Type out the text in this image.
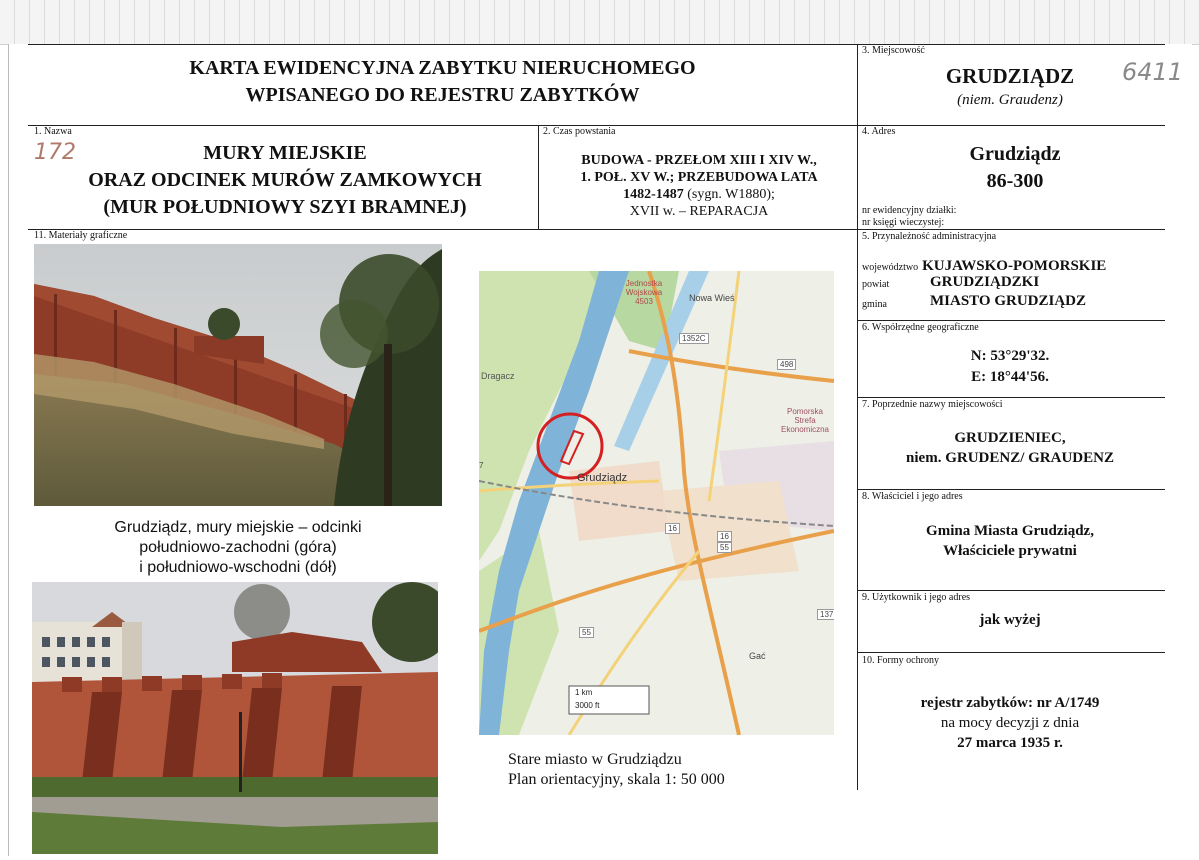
KARTA EWIDENCYJNA ZABYTKU NIERUCHOMEGO
WPISANEGO DO REJESTRU ZABYTKÓW
3. Miejscowość
GRUDZIĄDZ
(niem. Graudenz)
6411
1. Nazwa
172	MURY MIEJSKIE
ORAZ ODCINEK MURÓW ZAMKOWYCH
(MUR POŁUDNIOWY SZYI BRAMNEJ)
2. Czas powstania
BUDOWA - PRZEŁOM XIII I XIV W.,
1. POŁ. XV W.; PRZEBUDOWA LATA
1482-1487 (sygn. W1880);
XVII w. – REPARACJA
4. Adres
Grudziądz
86-300
nr ewidencyjny działki:
nr księgi wieczystej:
11. Materiały graficzne
Grudziądz, mury miejskie – odcinki
południowo-zachodni (góra)
i południowo-wschodni (dół)
Jednostka Wojskowa 4503	Nowa Wieś
1352C
498
Dragacz
Pomorska Strefa Ekonomiczna
Grudziądz
7
16
16
55
55
137
Gać
1 km
3000 ft
Stare miasto w Grudziądzu
Plan orientacyjny, skala 1: 50 000
5. Przynależność administracyjna
województwo KUJAWSKO-POMORSKIE
powiat	GRUDZIĄDZKI
gmina	MIASTO GRUDZIĄDZ
6. Współrzędne geograficzne
N: 53°29'32.
E: 18°44'56.
7. Poprzednie nazwy miejscowości
GRUDZIENIEC,
niem. GRUDENZ/ GRAUDENZ
8. Właściciel i jego adres
Gmina Miasta Grudziądz,
Właściciele prywatni
9. Użytkownik i jego adres
jak wyżej
10. Formy ochrony
rejestr zabytków: nr A/1749
na mocy decyzji z dnia
27 marca 1935 r.
